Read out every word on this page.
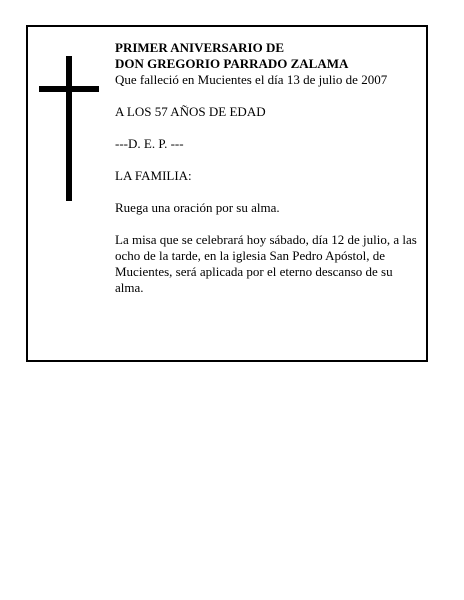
PRIMER ANIVERSARIO DE

DON GREGORIO PARRADO ZALAMA

Que falleció en Mucientes el día 13 de julio de 2007

A LOS 57 AÑOS DE EDAD

---D. E. P. ---

LA FAMILIA:

Ruega una oración por su alma.

La misa que se celebrará hoy sábado, día 12 de julio, a las ocho de la tarde, en la iglesia San Pedro Apóstol, de Mucientes, será aplicada por el eterno descanso de su alma.
